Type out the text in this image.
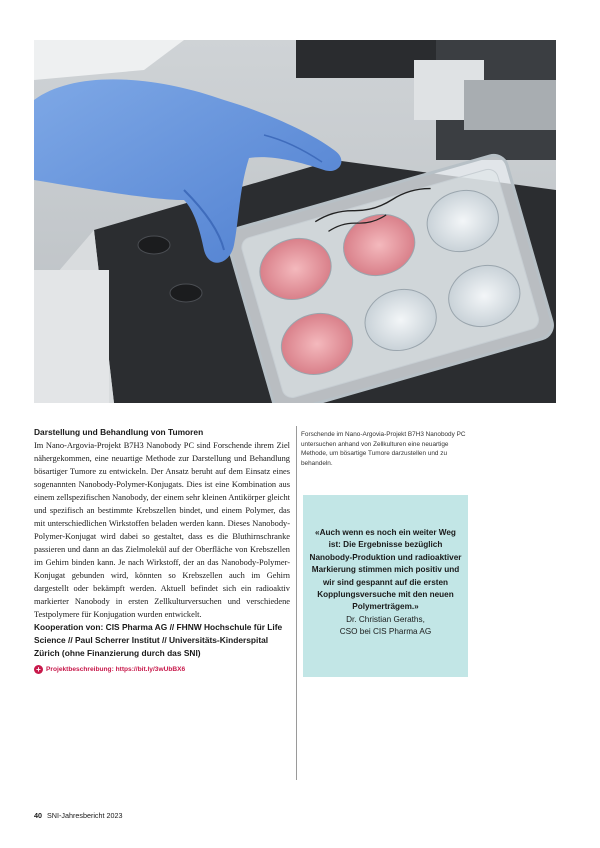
Darstellung und Behandlung von Tumoren

Im Nano-Argovia-Projekt B7H3 Nanobody PC sind Forschende ihrem Ziel nähergekommen, eine neuartige Methode zur Darstellung und Behandlung bösartiger Tumore zu entwickeln. Der Ansatz beruht auf dem Einsatz eines sogenannten Nanobody-Polymer-Konjugats. Dies ist eine Kombination aus einem zellspezifischen Nanobody, der einem sehr kleinen Antikörper gleicht und spezifisch an bestimmte Krebszellen bindet, und einem Polymer, das mit unterschiedlichen Wirkstoffen beladen werden kann. Dieses Nanobody-Polymer-Konjugat wird dabei so gestaltet, dass es die Bluthirnschranke passieren und dann an das Zielmolekül auf der Oberfläche von Krebszellen im Gehirn binden kann. Je nach Wirkstoff, der an das Nanobody-Polymer-Konjugat gebunden wird, könnten so Krebszellen auch im Gehirn dargestellt oder bekämpft werden. Aktuell befindet sich ein radioaktiv markierter Nanobody in ersten Zellkulturversuchen und verschiedene Testpolymere für Konjugation wurden entwickelt.

Kooperation von: CIS Pharma AG // FHNW Hochschule für Life Science // Paul Scherrer Institut // Universitäts-Kinderspital Zürich (ohne Finanzierung durch das SNI)

+ Projektbeschreibung: https://bit.ly/3wUbBX6

Forschende im Nano-Argovia-Projekt B7H3 Nanobody PC untersuchen anhand von Zellkulturen eine neuartige Methode, um bösartige Tumore darzustellen und zu behandeln.

«Auch wenn es noch ein weiter Weg ist: Die Ergebnisse bezüglich Nanobody-Produktion und radioaktiver Markierung stimmen mich positiv und wir sind gespannt auf die ersten Kopplungsversuche mit den neuen Polymerträgem.»

Dr. Christian Geraths,

CSO bei CIS Pharma AG

40 SNI-Jahresbericht 2023
